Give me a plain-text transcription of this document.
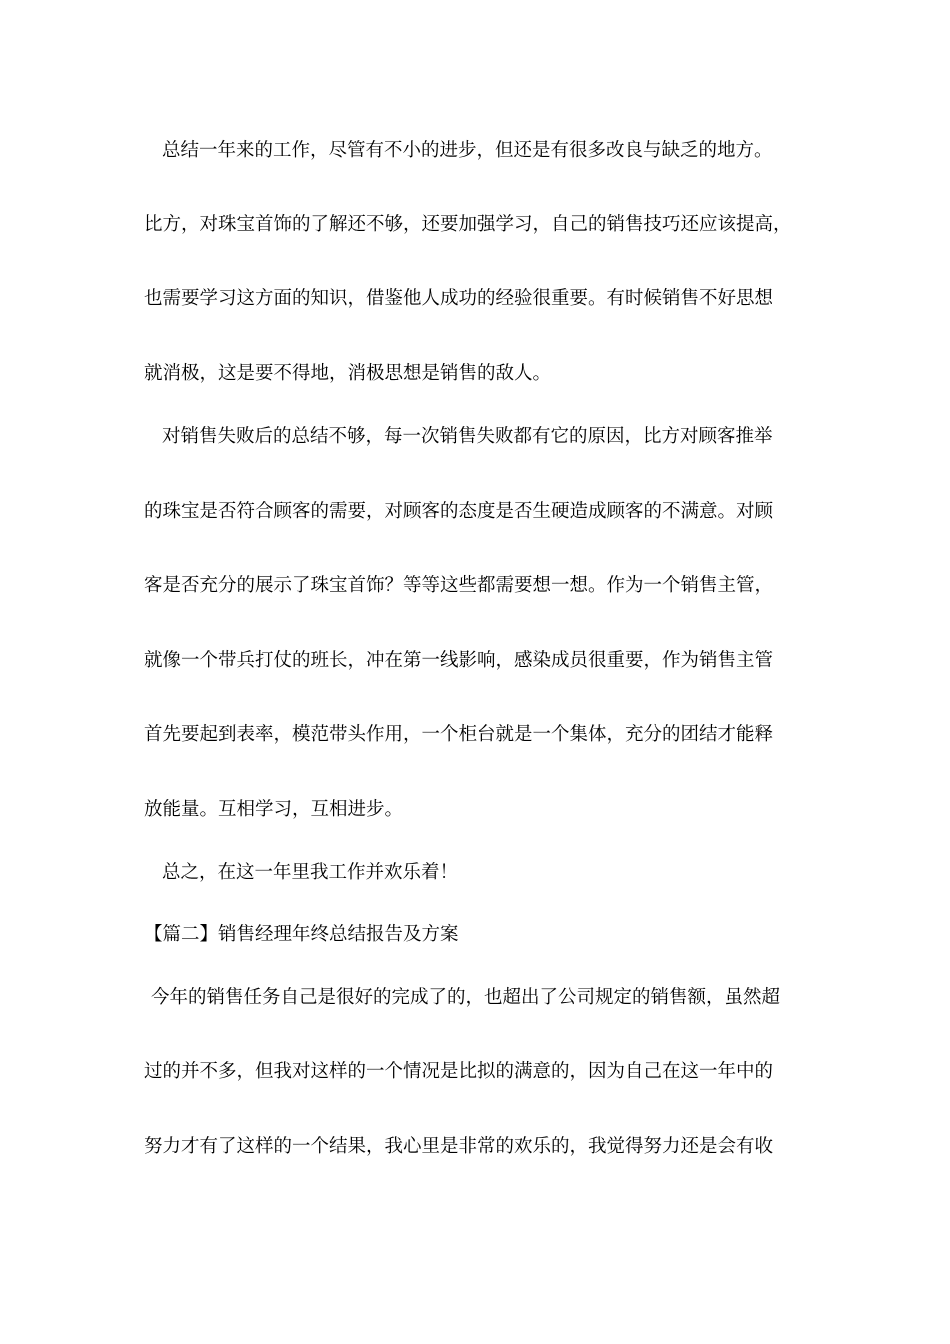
总结一年来的工作，尽管有不小的进步，但还是有很多改良与缺乏的地方。
比方，对珠宝首饰的了解还不够，还要加强学习，自己的销售技巧还应该提高，
也需要学习这方面的知识，借鉴他人成功的经验很重要。有时候销售不好思想
就消极，这是要不得地，消极思想是销售的敌人。
对销售失败后的总结不够，每一次销售失败都有它的原因，比方对顾客推举
的珠宝是否符合顾客的需要，对顾客的态度是否生硬造成顾客的不满意。对顾
客是否充分的展示了珠宝首饰？等等这些都需要想一想。作为一个销售主管，
就像一个带兵打仗的班长，冲在第一线影响，感染成员很重要，作为销售主管
首先要起到表率，模范带头作用，一个柜台就是一个集体，充分的团结才能释
放能量。互相学习，互相进步。
总之，在这一年里我工作并欢乐着！
【篇二】销售经理年终总结报告及方案
今年的销售任务自己是很好的完成了的，也超出了公司规定的销售额，虽然超
过的并不多，但我对这样的一个情况是比拟的满意的，因为自己在这一年中的
努力才有了这样的一个结果，我心里是非常的欢乐的，我觉得努力还是会有收
